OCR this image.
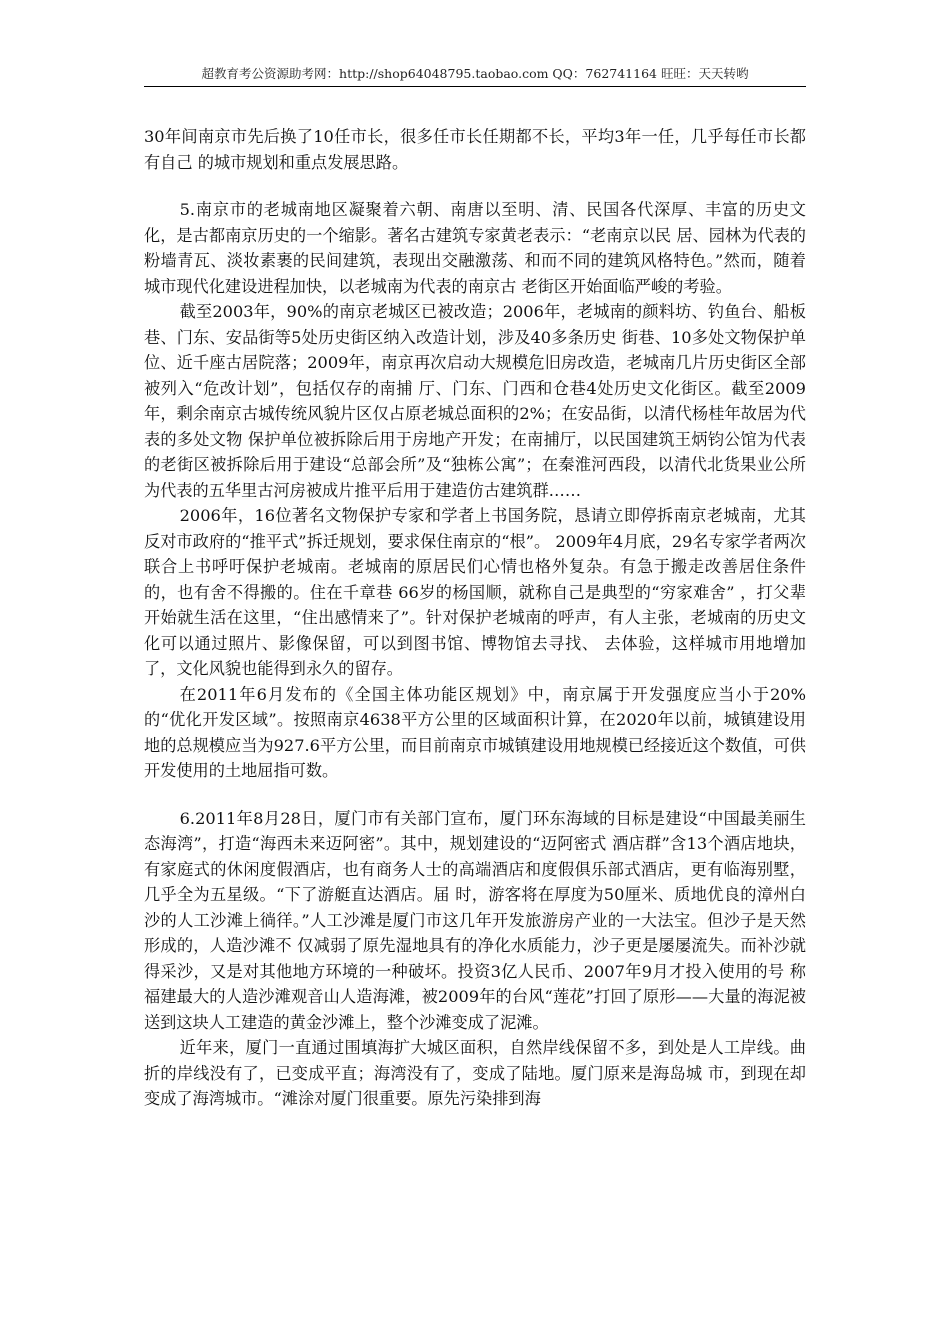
超教育考公资源助考网：http://shop64048795.taobao.com QQ：762741164 旺旺：天天转哟

30年间南京市先后换了10任市长，很多任市长任期都不长，平均3年一任，几乎每任市长都有自己 的城市规划和重点发展思路。

5.南京市的老城南地区凝聚着六朝、南唐以至明、清、民国各代深厚、丰富的历史文化，是古都南京历史的一个缩影。著名古建筑专家黄老表示：“老南京以民 居、园林为代表的粉墙青瓦、淡妆素裹的民间建筑，表现出交融激荡、和而不同的建筑风格特色。”然而，随着城市现代化建设进程加快，以老城南为代表的南京古 老街区开始面临严峻的考验。

截至2003年，90%的南京老城区已被改造；2006年，老城南的颜料坊、钓鱼台、船板巷、门东、安品街等5处历史街区纳入改造计划，涉及40多条历史 街巷、10多处文物保护单位、近千座古居院落；2009年，南京再次启动大规模危旧房改造，老城南几片历史街区全部被列入“危改计划”，包括仅存的南捕 厅、门东、门西和仓巷4处历史文化街区。截至2009年，剩余南京古城传统风貌片区仅占原老城总面积的2%；在安品街，以清代杨桂年故居为代表的多处文物 保护单位被拆除后用于房地产开发；在南捕厅，以民国建筑王炳钧公馆为代表的老街区被拆除后用于建设“总部会所”及“独栋公寓”；在秦淮河西段，以清代北货果业公所为代表的五华里古河房被成片推平后用于建造仿古建筑群……

2006年，16位著名文物保护专家和学者上书国务院，恳请立即停拆南京老城南，尤其反对市政府的“推平式”拆迁规划，要求保住南京的“根”。 2009年4月底，29名专家学者两次联合上书呼吁保护老城南。老城南的原居民们心情也格外复杂。有急于搬走改善居住条件的，也有舍不得搬的。住在千章巷 66岁的杨国顺，就称自己是典型的“穷家难舍” ，打父辈开始就生活在这里，“住出感情来了”。针对保护老城南的呼声，有人主张，老城南的历史文化可以通过照片、影像保留，可以到图书馆、博物馆去寻找、 去体验，这样城市用地增加了，文化风貌也能得到永久的留存。

在2011年6月发布的《全国主体功能区规划》中，南京属于开发强度应当小于20%的“优化开发区域”。按照南京4638平方公里的区域面积计算，在2020年以前，城镇建设用地的总规模应当为927.6平方公里，而目前南京市城镇建设用地规模已经接近这个数值，可供开发使用的土地屈指可数。

6.2011年8月28日，厦门市有关部门宣布，厦门环东海域的目标是建设“中国最美丽生态海湾”，打造“海西未来迈阿密”。其中，规划建设的“迈阿密式 酒店群”含13个酒店地块，有家庭式的休闲度假酒店，也有商务人士的高端酒店和度假俱乐部式酒店，更有临海别墅，几乎全为五星级。“下了游艇直达酒店。届 时，游客将在厚度为50厘米、质地优良的漳州白沙的人工沙滩上徜徉。”人工沙滩是厦门市这几年开发旅游房产业的一大法宝。但沙子是天然形成的，人造沙滩不 仅减弱了原先湿地具有的净化水质能力，沙子更是屡屡流失。而补沙就得采沙，又是对其他地方环境的一种破坏。投资3亿人民币、2007年9月才投入使用的号 称福建最大的人造沙滩观音山人造海滩，被2009年的台风“莲花”打回了原形——大量的海泥被送到这块人工建造的黄金沙滩上，整个沙滩变成了泥滩。

近年来，厦门一直通过围填海扩大城区面积，自然岸线保留不多，到处是人工岸线。曲折的岸线没有了，已变成平直；海湾没有了，变成了陆地。厦门原来是海岛城 市，到现在却变成了海湾城市。“滩涂对厦门很重要。原先污染排到海
